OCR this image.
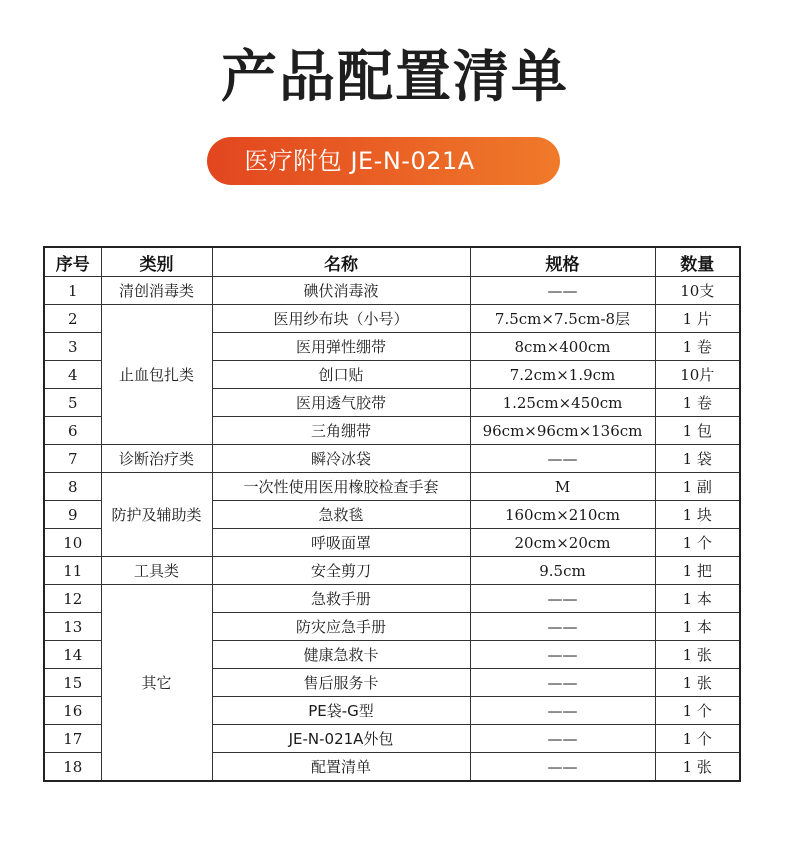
产品配置清单
医疗附包 JE-N-021A
序号	类别	名称	规格	数量
1	清创消毒类	碘伏消毒液	——	10支
2	止血包扎类	医用纱布块（小号）	7.5cm×7.5cm-8层	1 片
3		医用弹性绷带	8cm×400cm	1 卷
4		创口贴	7.2cm×1.9cm	10片
5		医用透气胶带	1.25cm×450cm	1 卷
6		三角绷带	96cm×96cm×136cm	1 包
7	诊断治疗类	瞬冷冰袋	——	1 袋
8	防护及辅助类	一次性使用医用橡胶检查手套	M	1 副
9		急救毯	160cm×210cm	1 块
10		呼吸面罩	20cm×20cm	1 个
11	工具类	安全剪刀	9.5cm	1 把
12	其它	急救手册	——	1 本
13		防灾应急手册	——	1 本
14		健康急救卡	——	1 张
15		售后服务卡	——	1 张
16		PE袋-G型	——	1 个
17		JE-N-021A外包	——	1 个
18		配置清单	——	1 张
